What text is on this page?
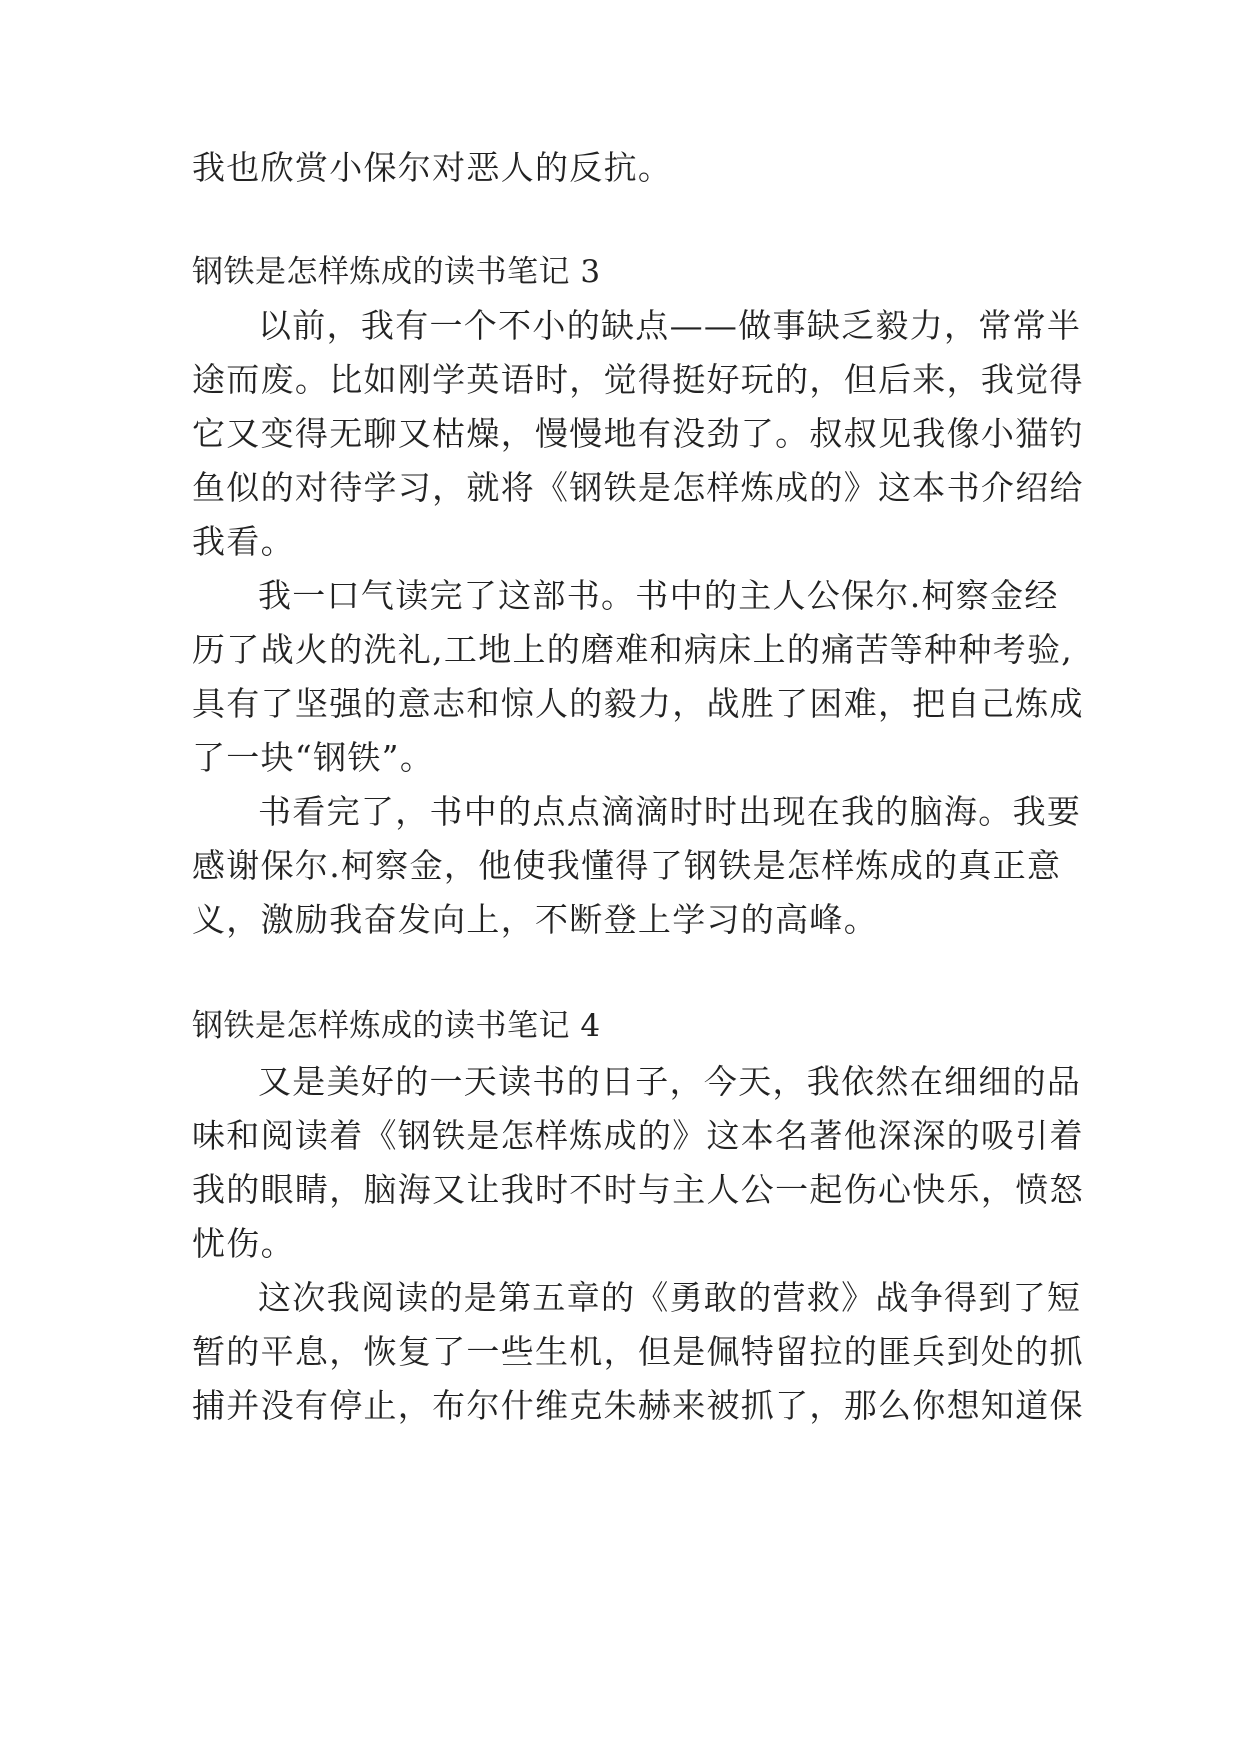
我也欣赏小保尔对恶人的反抗。
钢铁是怎样炼成的读书笔记 3
以前，我有一个不小的缺点——做事缺乏毅力，常常半
途而废。比如刚学英语时，觉得挺好玩的，但后来，我觉得
它又变得无聊又枯燥，慢慢地有没劲了。叔叔见我像小猫钓
鱼似的对待学习，就将《钢铁是怎样炼成的》这本书介绍给
我看。
我一口气读完了这部书。书中的主人公保尔.柯察金经
历了战火的洗礼,工地上的磨难和病床上的痛苦等种种考验,
具有了坚强的意志和惊人的毅力，战胜了困难，把自己炼成
了一块“钢铁”。
书看完了，书中的点点滴滴时时出现在我的脑海。我要
感谢保尔.柯察金，他使我懂得了钢铁是怎样炼成的真正意
义，激励我奋发向上，不断登上学习的高峰。
钢铁是怎样炼成的读书笔记 4
又是美好的一天读书的日子，今天，我依然在细细的品
味和阅读着《钢铁是怎样炼成的》这本名著他深深的吸引着
我的眼睛，脑海又让我时不时与主人公一起伤心快乐，愤怒
忧伤。
这次我阅读的是第五章的《勇敢的营救》战争得到了短
暂的平息，恢复了一些生机，但是佩特留拉的匪兵到处的抓
捕并没有停止，布尔什维克朱赫来被抓了，那么你想知道保
